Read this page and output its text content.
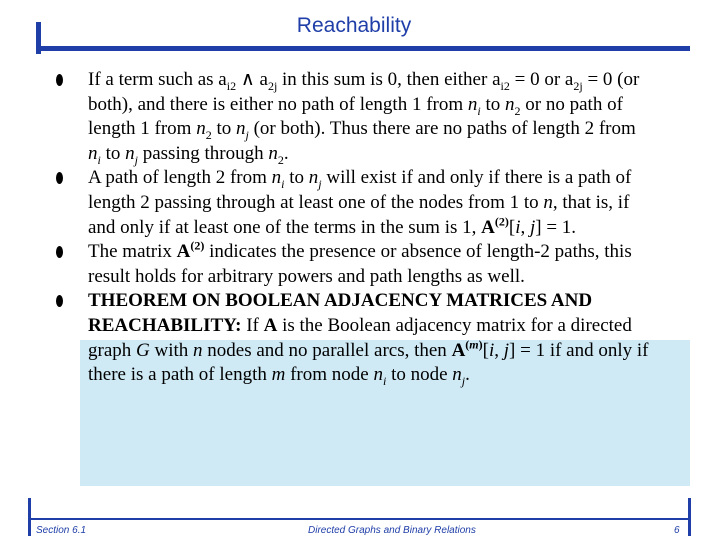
Reachability
If a term such as $a_{i2}$ ∧ $a_{2j}$ in this sum is 0, then either $a_{i2} = 0$ or $a_{2j} = 0$ (or both), and there is either no path of length 1 from $n_i$ to $n_2$ or no path of length 1 from $n_2$ to $n_j$ (or both). Thus there are no paths of length 2 from $n_i$ to $n_j$ passing through $n_2$.
A path of length 2 from $n_i$ to $n_j$ will exist if and only if there is a path of length 2 passing through at least one of the nodes from 1 to n, that is, if and only if at least one of the terms in the sum is 1, $A^{(2)}[i$, j] = 1.
The matrix $A^{(2)}$ indicates the presence or absence of length-2 paths, this result holds for arbitrary powers and path lengths as well.
THEOREM ON BOOLEAN ADJACENCY MATRICES AND REACHABILITY: If A is the Boolean adjacency matrix for a directed graph G with n nodes and no parallel arcs, then $A^{(m)}[i$, j] = 1 if and only if there is a path of length m from node $n_i$ to node $n_j$.
Section 6.1	Directed Graphs and Binary Relations	6
